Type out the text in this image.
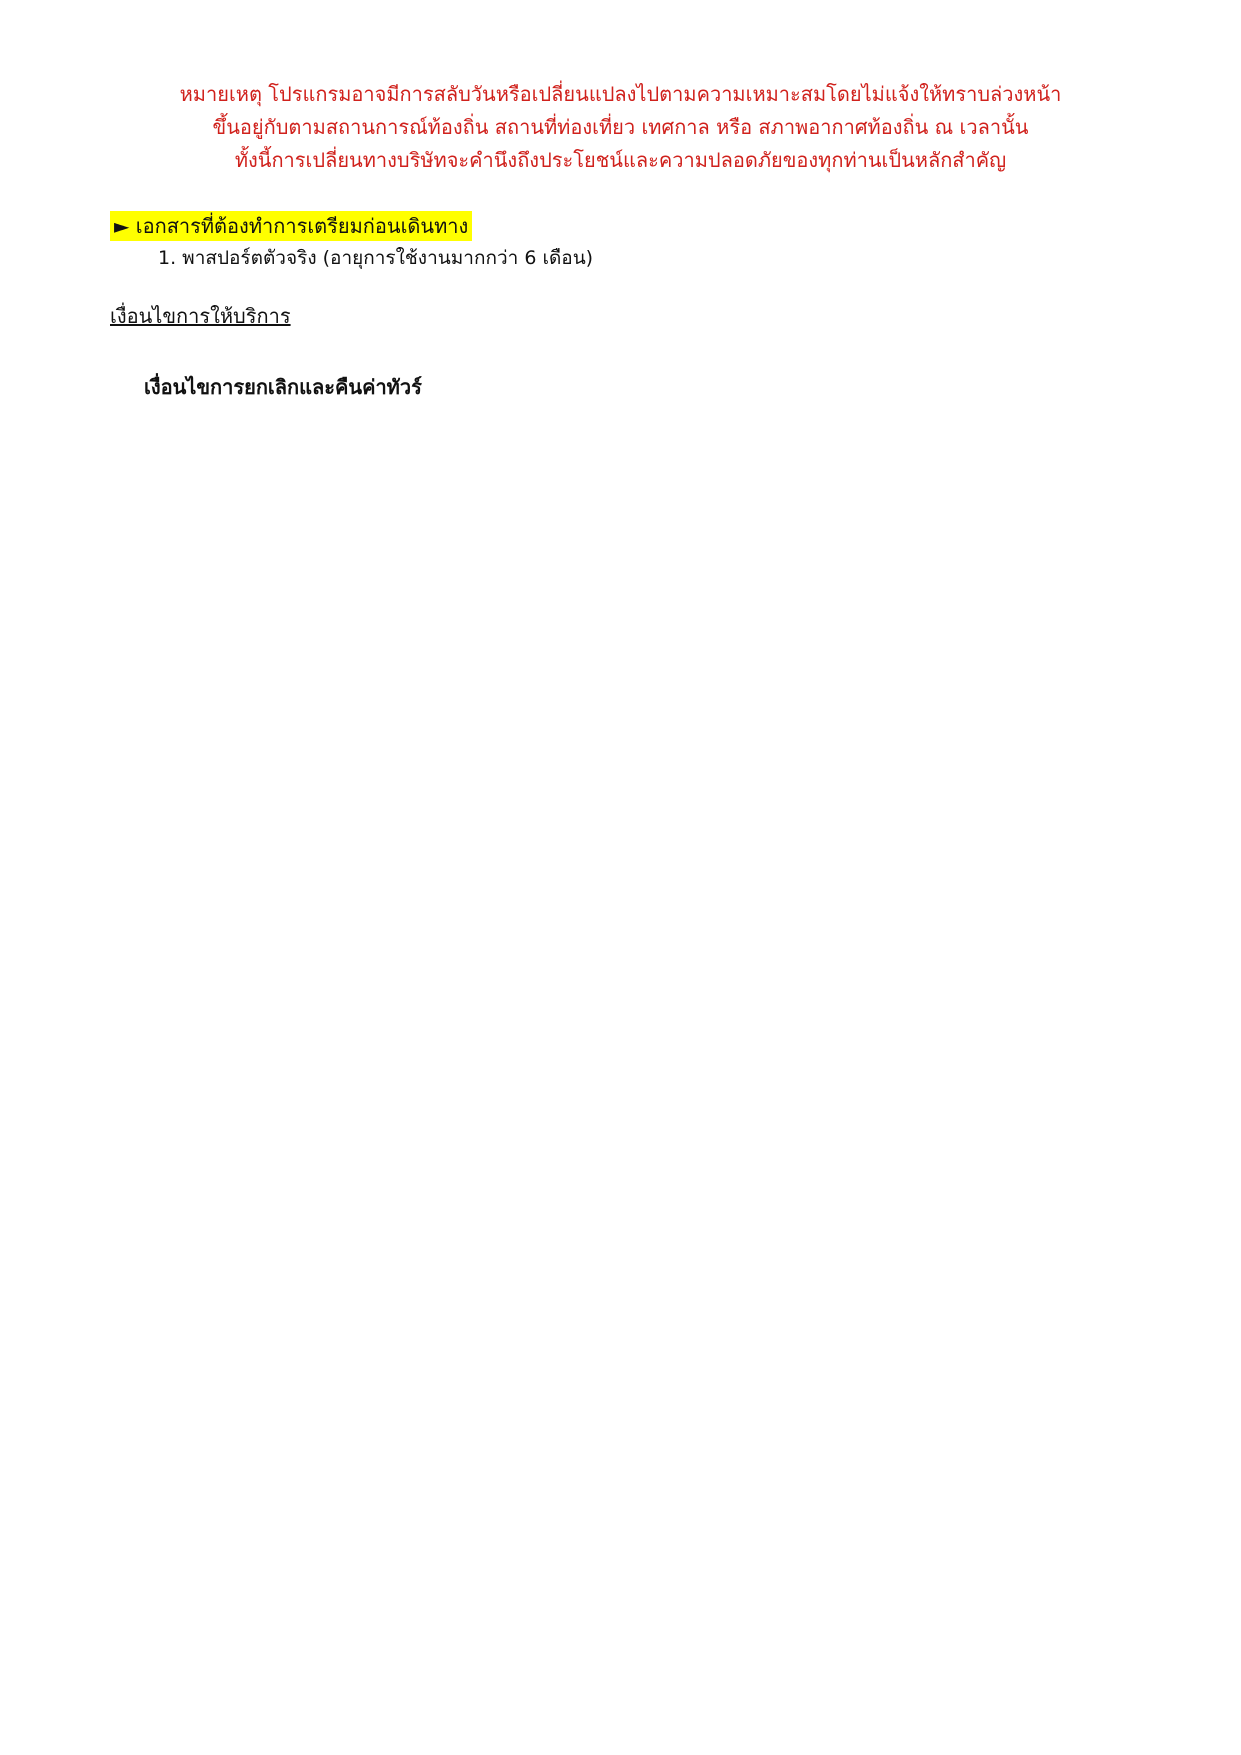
หมายเหตุ โปรแกรมอาจมีการสลับวันหรือเปลี่ยนแปลงไปตามความเหมาะสมโดยไม่แจ้งให้ทราบล่วงหน้า
ขึ้นอยู่กับตามสถานการณ์ท้องถิ่น สถานที่ท่องเที่ยว เทศกาล หรือ สภาพอากาศท้องถิ่น ณ เวลานั้น
ทั้งนี้การเปลี่ยนทางบริษัทจะคำนึงถึงประโยชน์และความปลอดภัยของทุกท่านเป็นหลักสำคัญ
► เอกสารที่ต้องทำการเตรียมก่อนเดินทาง
1. พาสปอร์ตตัวจริง (อายุการใช้งานมากกว่า 6 เดือน)
เงื่อนไขการให้บริการ
เงื่อนไขการยกเลิกและคืนค่าทัวร์
